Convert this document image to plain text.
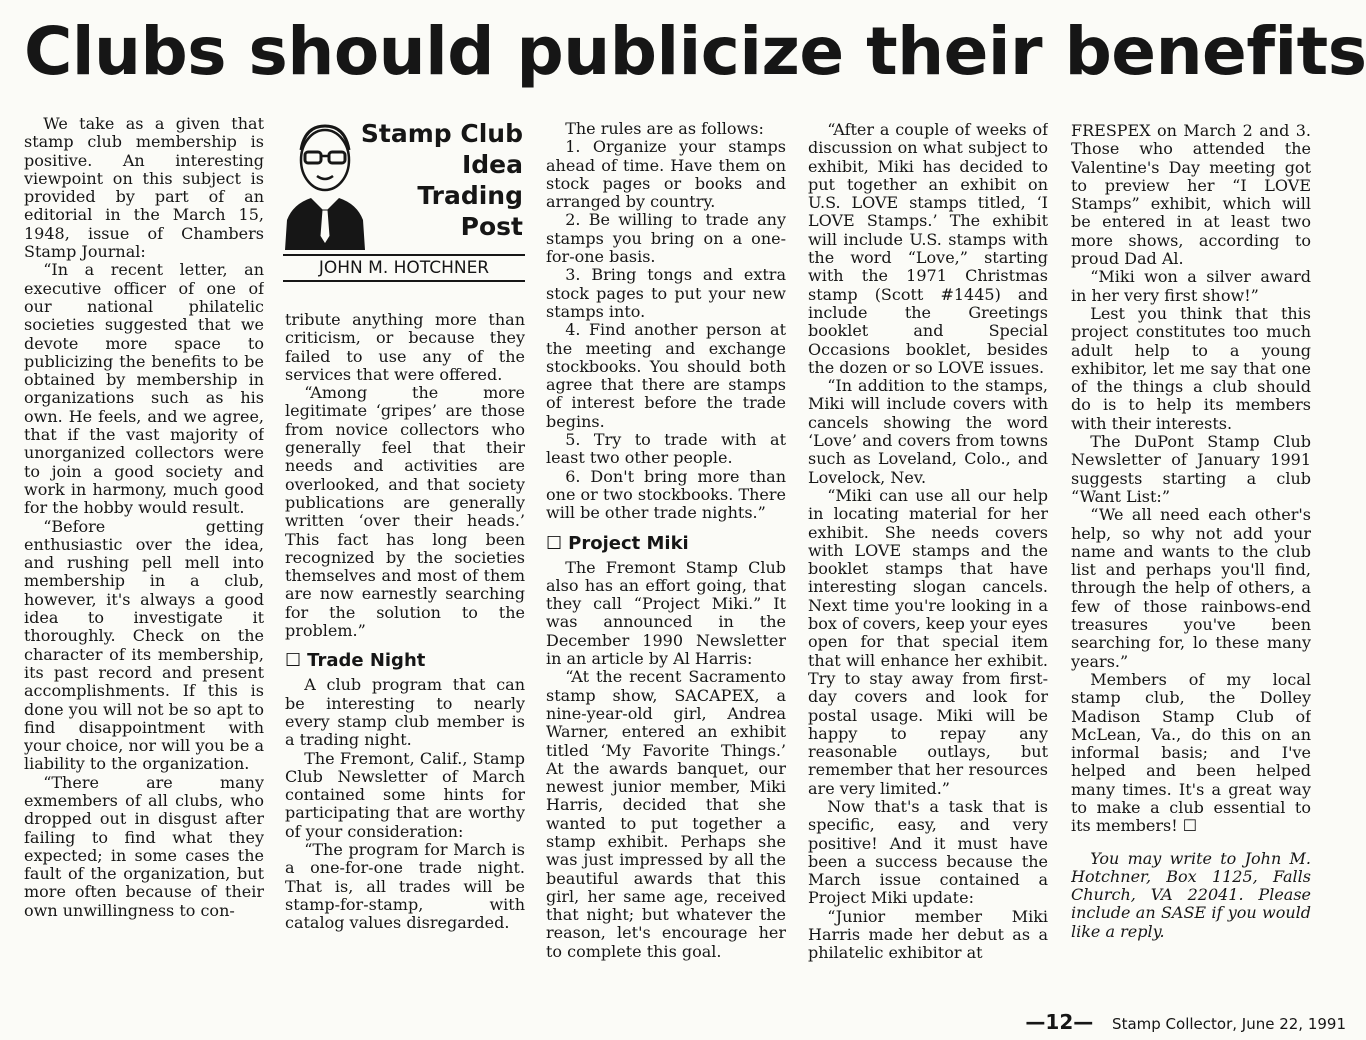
Clubs should publicize their benefits

We take as a given that stamp club membership is positive. An interesting viewpoint on this subject is provided by part of an editorial in the March 15, 1948, issue of Chambers Stamp Journal:

“In a recent letter, an executive officer of one of our national philatelic societies suggested that we devote more space to publicizing the benefits to be obtained by membership in organizations such as his own. He feels, and we agree, that if the vast majority of unorganized collectors were to join a good society and work in harmony, much good for the hobby would result.

“Before getting enthusiastic over the idea, and rushing pell mell into membership in a club, however, it's always a good idea to investigate it thoroughly. Check on the character of its membership, its past record and present accomplishments. If this is done you will not be so apt to find disappointment with your choice, nor will you be a liability to the organization.

“There are many exmembers of all clubs, who dropped out in disgust after failing to find what they expected; in some cases the fault of the organization, but more often because of their own unwillingness to con-

Stamp Club
Idea
Trading
Post
JOHN M. HOTCHNER

tribute anything more than criticism, or because they failed to use any of the services that were offered.

“Among the more legitimate ‘gripes’ are those from novice collectors who generally feel that their needs and activities are overlooked, and that society publications are generally written ‘over their heads.’ This fact has long been recognized by the societies themselves and most of them are now earnestly searching for the solution to the problem.”

☐ Trade Night

A club program that can be interesting to nearly every stamp club member is a trading night.

The Fremont, Calif., Stamp Club Newsletter of March contained some hints for participating that are worthy of your consideration:

“The program for March is a one-for-one trade night. That is, all trades will be stamp-for-stamp, with catalog values disregarded.

The rules are as follows:

1. Organize your stamps ahead of time. Have them on stock pages or books and arranged by country.

2. Be willing to trade any stamps you bring on a one-for-one basis.

3. Bring tongs and extra stock pages to put your new stamps into.

4. Find another person at the meeting and exchange stockbooks. You should both agree that there are stamps of interest before the trade begins.

5. Try to trade with at least two other people.

6. Don't bring more than one or two stockbooks. There will be other trade nights.”

☐ Project Miki

The Fremont Stamp Club also has an effort going, that they call “Project Miki.” It was announced in the December 1990 Newsletter in an article by Al Harris:

“At the recent Sacramento stamp show, SACAPEX, a nine-year-old girl, Andrea Warner, entered an exhibit titled ‘My Favorite Things.’ At the awards banquet, our newest junior member, Miki Harris, decided that she wanted to put together a stamp exhibit. Perhaps she was just impressed by all the beautiful awards that this girl, her same age, received that night; but whatever the reason, let's encourage her to complete this goal.

“After a couple of weeks of discussion on what subject to exhibit, Miki has decided to put together an exhibit on U.S. LOVE stamps titled, ‘I LOVE Stamps.’ The exhibit will include U.S. stamps with the word “Love,” starting with the 1971 Christmas stamp (Scott #1445) and include the Greetings booklet and Special Occasions booklet, besides the dozen or so LOVE issues.

“In addition to the stamps, Miki will include covers with cancels showing the word ‘Love’ and covers from towns such as Loveland, Colo., and Lovelock, Nev.

“Miki can use all our help in locating material for her exhibit. She needs covers with LOVE stamps and the booklet stamps that have interesting slogan cancels. Next time you're looking in a box of covers, keep your eyes open for that special item that will enhance her exhibit. Try to stay away from first-day covers and look for postal usage. Miki will be happy to repay any reasonable outlays, but remember that her resources are very limited.”

Now that's a task that is specific, easy, and very positive! And it must have been a success because the March issue contained a Project Miki update:

“Junior member Miki Harris made her debut as a philatelic exhibitor at

FRESPEX on March 2 and 3. Those who attended the Valentine's Day meeting got to preview her “I LOVE Stamps” exhibit, which will be entered in at least two more shows, according to proud Dad Al.

“Miki won a silver award in her very first show!”

Lest you think that this project constitutes too much adult help to a young exhibitor, let me say that one of the things a club should do is to help its members with their interests.

The DuPont Stamp Club Newsletter of January 1991 suggests starting a club “Want List:”

“We all need each other's help, so why not add your name and wants to the club list and perhaps you'll find, through the help of others, a few of those rainbows-end treasures you've been searching for, lo these many years.”

Members of my local stamp club, the Dolley Madison Stamp Club of McLean, Va., do this on an informal basis; and I've helped and been helped many times. It's a great way to make a club essential to its members! ☐

You may write to John M. Hotchner, Box 1125, Falls Church, VA 22041. Please include an SASE if you would like a reply.

—12— Stamp Collector, June 22, 1991
